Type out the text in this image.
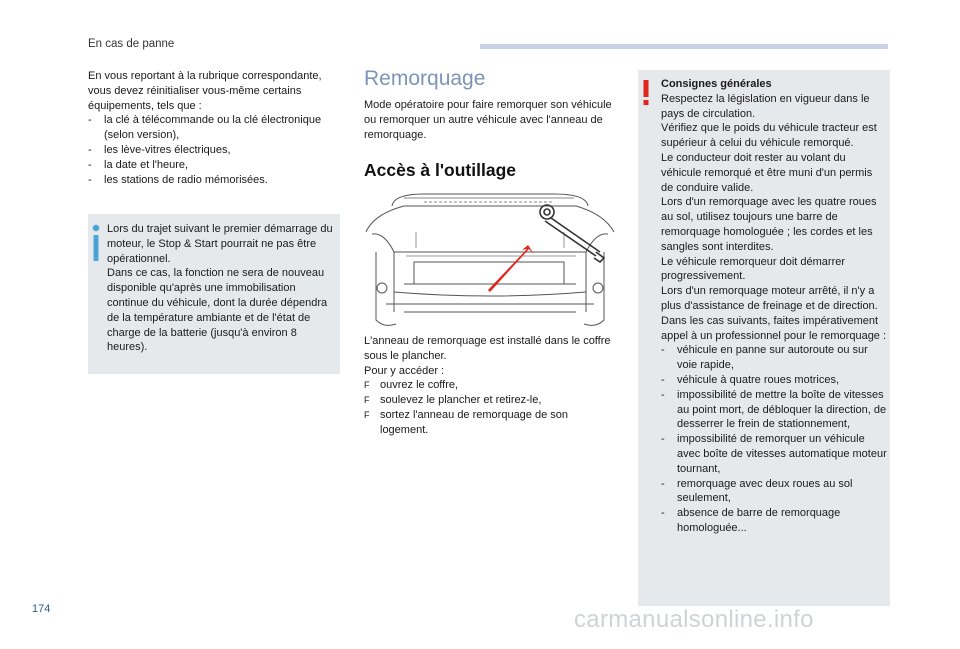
En cas de panne
En vous reportant à la rubrique correspondante, vous devez réinitialiser vous-même certains équipements, tels que :
-	la clé à télécommande ou la clé électronique (selon version),
-	les lève-vitres électriques,
-	la date et l'heure,
-	les stations de radio mémorisées.

Lors du trajet suivant le premier démarrage du moteur, le Stop & Start pourrait ne pas être opérationnel.

Dans ce cas, la fonction ne sera de nouveau disponible qu'après une immobilisation continue du véhicule, dont la durée dépendra de la température ambiante et de l'état de charge de la batterie (jusqu'à environ 8 heures).

Remorquage
Mode opératoire pour faire remorquer son véhicule ou remorquer un autre véhicule avec l'anneau de remorquage.
Accès à l'outillage

L'anneau de remorquage est installé dans le coffre sous le plancher.

Pour y accéder :

F ouvrez le coffre,
F soulevez le plancher et retirez-le,
F sortez l'anneau de remorquage de son logement.

Consignes générales

Respectez la législation en vigueur dans le pays de circulation.

Vérifiez que le poids du véhicule tracteur est supérieur à celui du véhicule remorqué.

Le conducteur doit rester au volant du véhicule remorqué et être muni d'un permis de conduire valide.

Lors d'un remorquage avec les quatre roues au sol, utilisez toujours une barre de remorquage homologuée ; les cordes et les sangles sont interdites.

Le véhicule remorqueur doit démarrer progressivement.

Lors d'un remorquage moteur arrêté, il n'y a plus d'assistance de freinage et de direction.

Dans les cas suivants, faites impérativement appel à un professionnel pour le remorquage :

-	véhicule en panne sur autoroute ou sur voie rapide,
-	véhicule à quatre roues motrices,
-	impossibilité de mettre la boîte de vitesses au point mort, de débloquer la direction, de desserrer le frein de stationnement,
-	impossibilité de remorquer un véhicule avec boîte de vitesses automatique moteur tournant,
-	remorquage avec deux roues au sol seulement,
-	absence de barre de remorquage homologuée...
174	carmanualsonline.info
